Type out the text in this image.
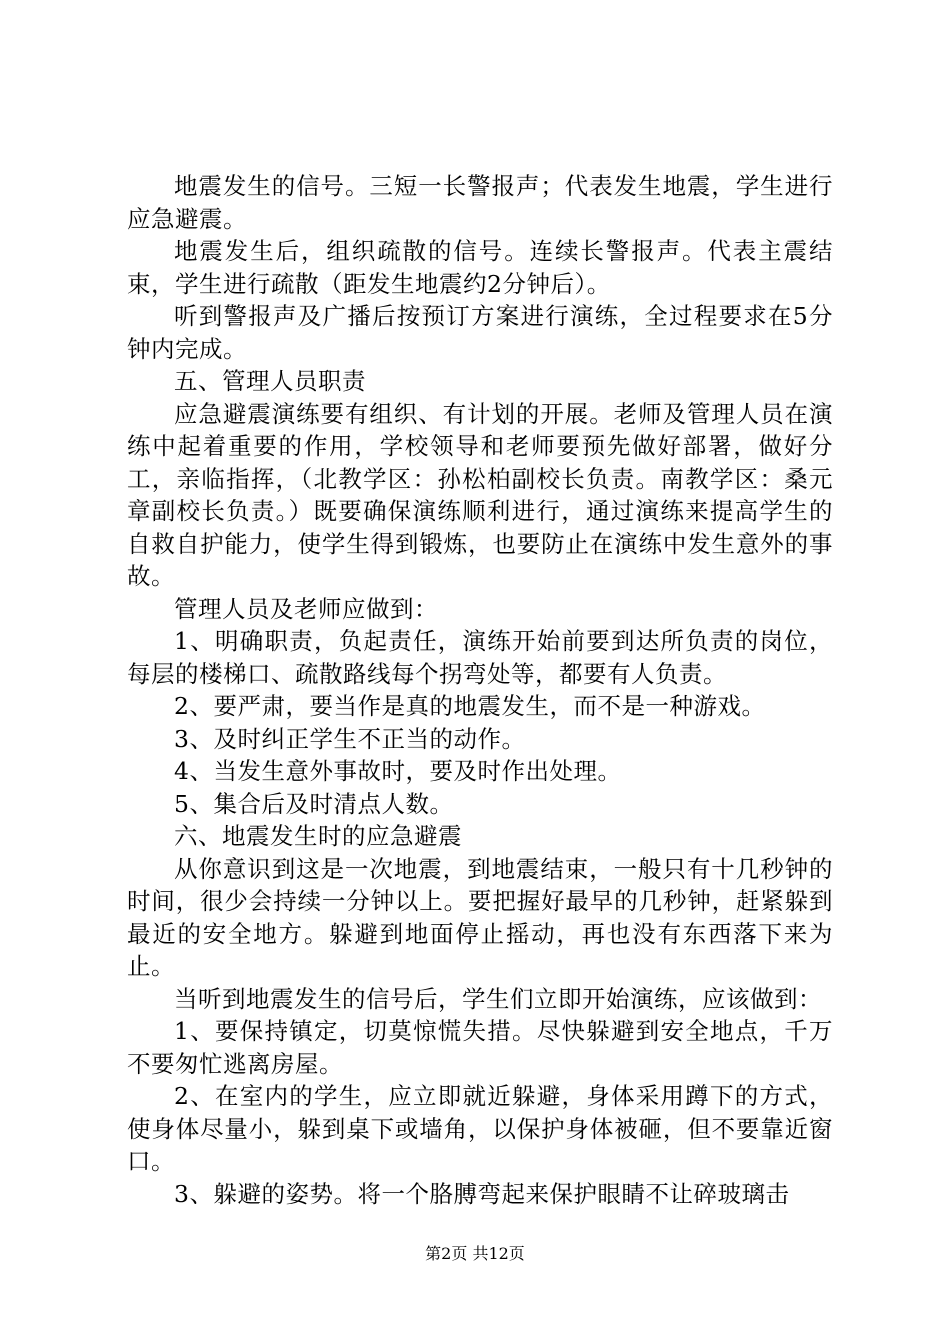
地震发生的信号。三短一长警报声；代表发生地震，学生进行应急避震。

地震发生后，组织疏散的信号。连续长警报声。代表主震结束，学生进行疏散（距发生地震约2分钟后）。

听到警报声及广播后按预订方案进行演练，全过程要求在5分钟内完成。

五、管理人员职责

应急避震演练要有组织、有计划的开展。老师及管理人员在演练中起着重要的作用，学校领导和老师要预先做好部署，做好分工，亲临指挥，（北教学区：孙松柏副校长负责。南教学区：桑元章副校长负责。）既要确保演练顺利进行，通过演练来提高学生的自救自护能力，使学生得到锻炼，也要防止在演练中发生意外的事故。

管理人员及老师应做到：

1、明确职责，负起责任，演练开始前要到达所负责的岗位，每层的楼梯口、疏散路线每个拐弯处等，都要有人负责。

2、要严肃，要当作是真的地震发生，而不是一种游戏。

3、及时纠正学生不正当的动作。

4、当发生意外事故时，要及时作出处理。

5、集合后及时清点人数。

六、地震发生时的应急避震

从你意识到这是一次地震，到地震结束，一般只有十几秒钟的时间，很少会持续一分钟以上。要把握好最早的几秒钟，赶紧躲到最近的安全地方。躲避到地面停止摇动，再也没有东西落下来为止。

当听到地震发生的信号后，学生们立即开始演练，应该做到：

1、要保持镇定，切莫惊慌失措。尽快躲避到安全地点，千万不要匆忙逃离房屋。

2、在室内的学生，应立即就近躲避，身体采用蹲下的方式，使身体尽量小，躲到桌下或墙角，以保护身体被砸，但不要靠近窗口。

3、躲避的姿势。将一个胳膊弯起来保护眼睛不让碎玻璃击

第2页 共12页
